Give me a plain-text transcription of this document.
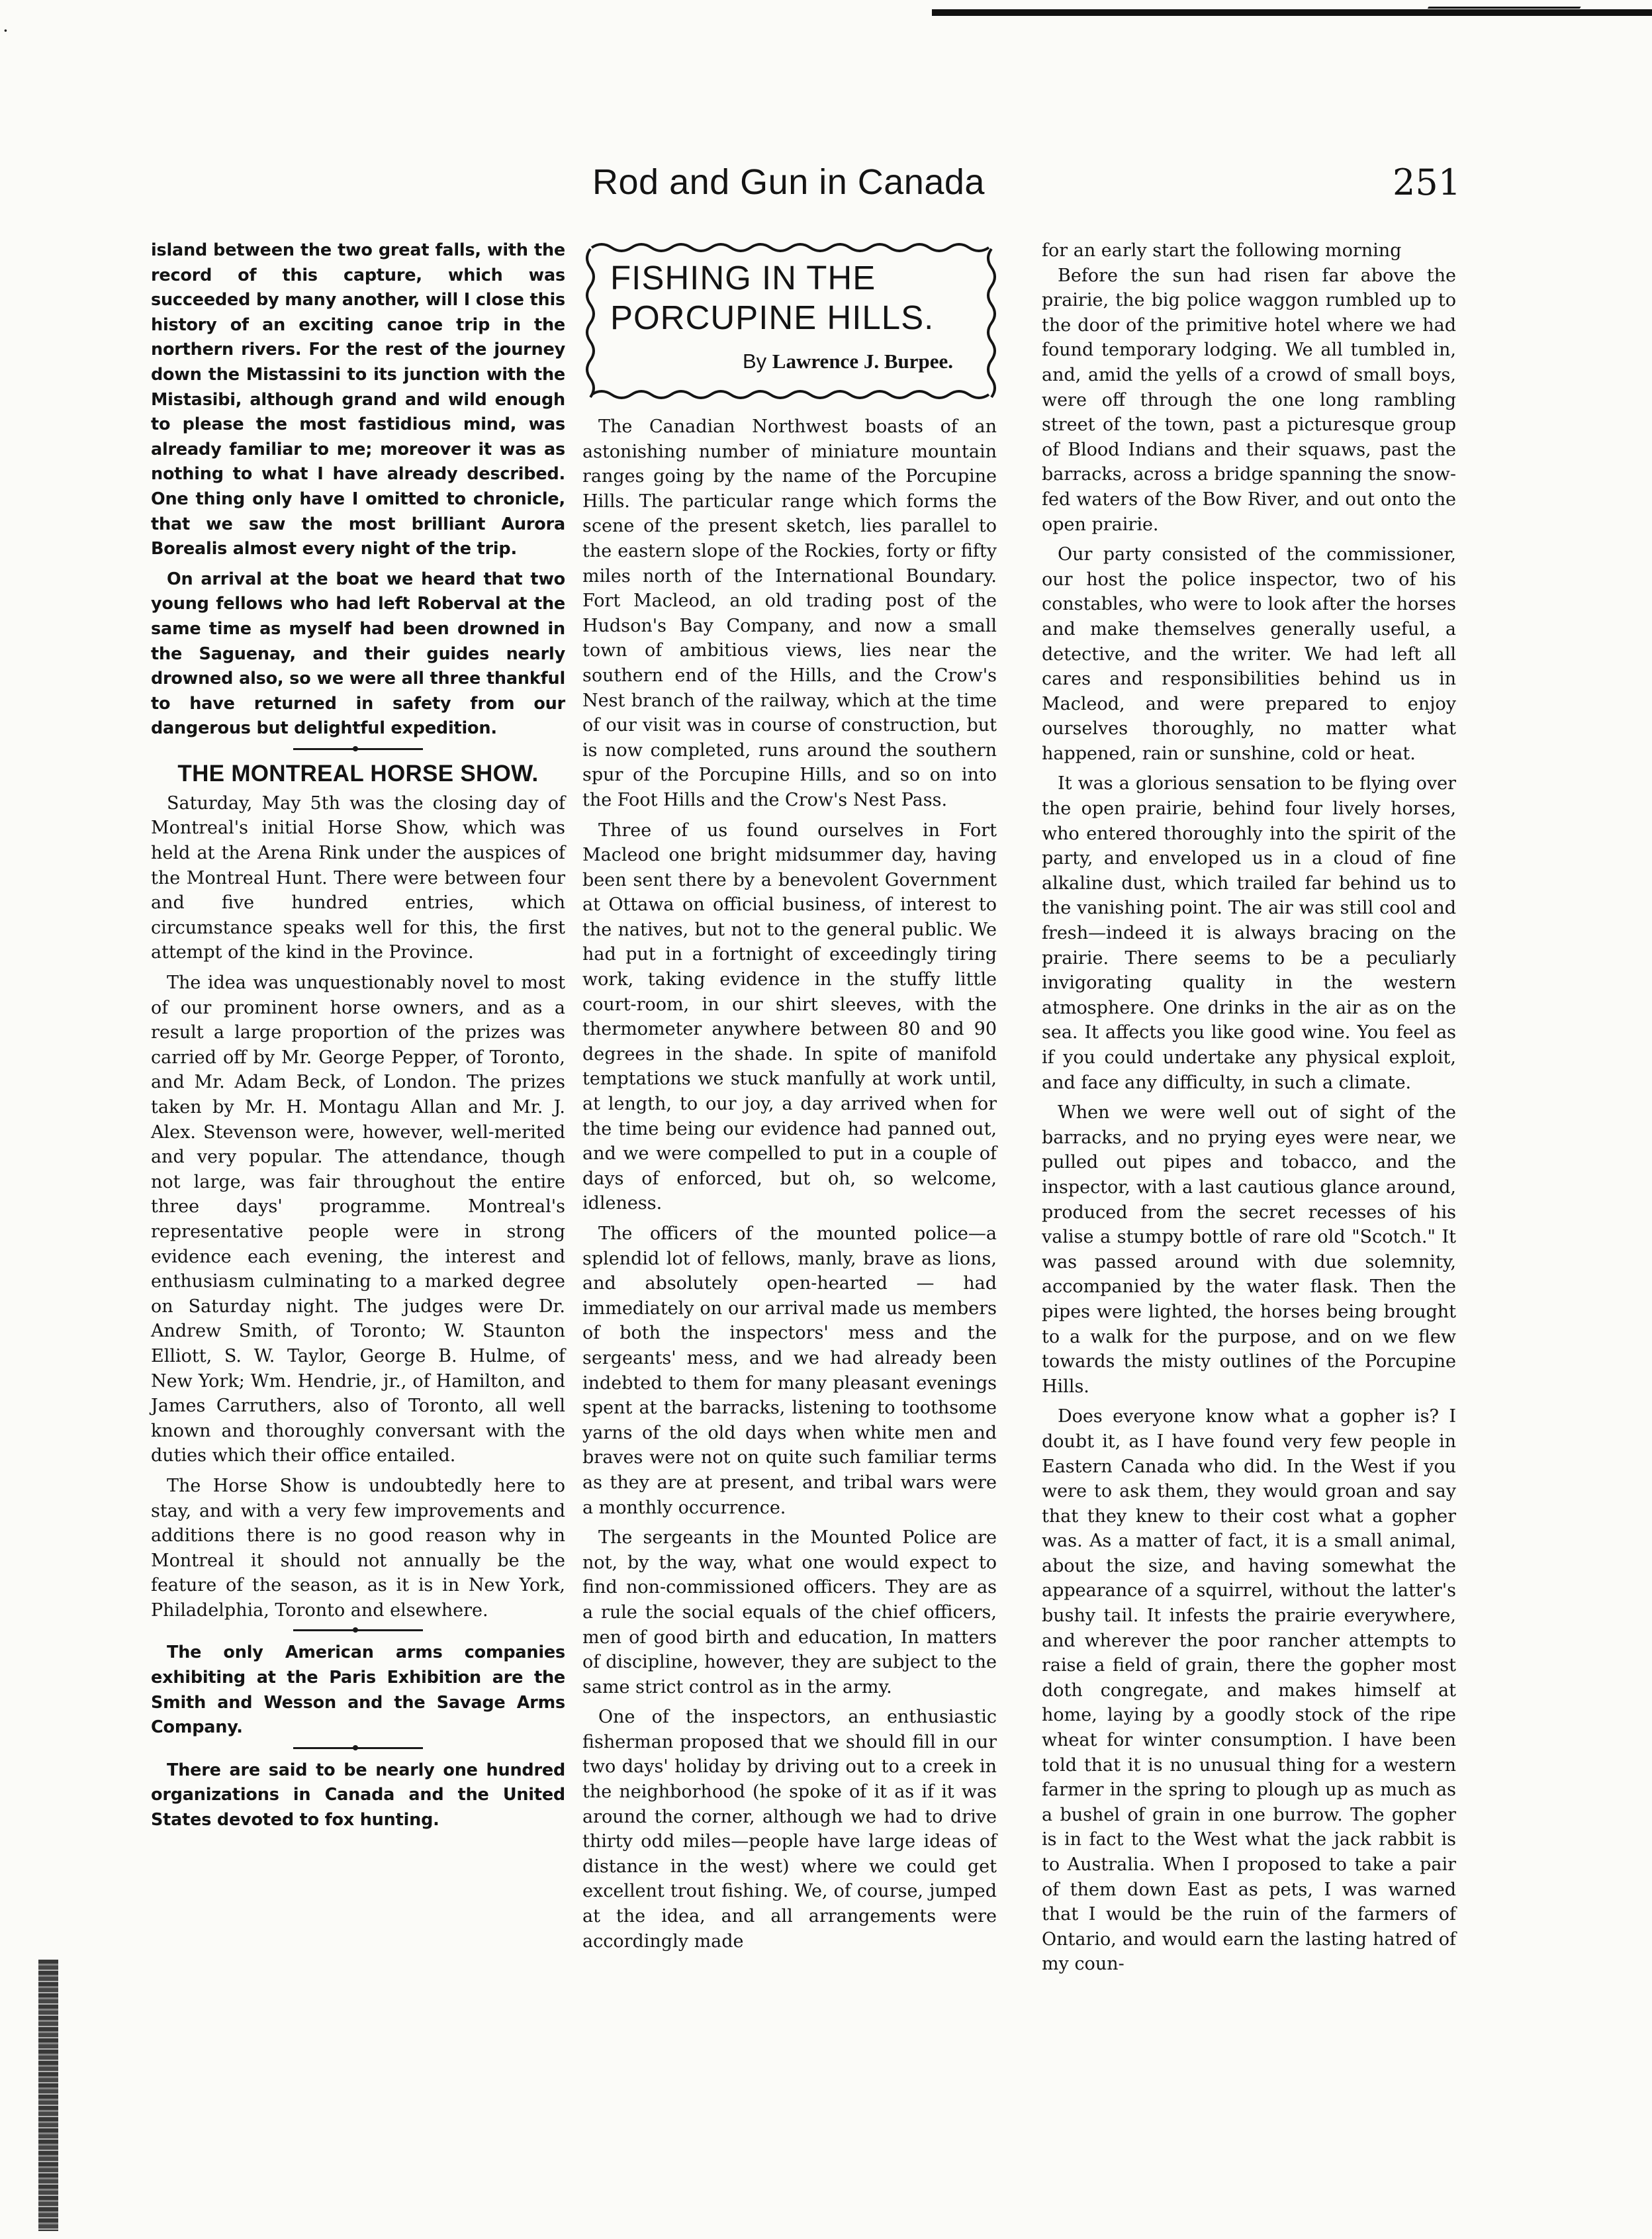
·
Rod and Gun in Canada	251

island between the two great falls, with the record of this capture, which was succeeded by many another, will I close this history of an exciting canoe trip in the northern rivers. For the rest of the journey down the Mistassini to its junction with the Mistasibi, although grand and wild enough to please the most fastidious mind, was already familiar to me; moreover it was as nothing to what I have already described. One thing only have I omitted to chronicle, that we saw the most brilliant Aurora Borealis almost every night of the trip.

On arrival at the boat we heard that two young fellows who had left Roberval at the same time as myself had been drowned in the Saguenay, and their guides nearly drowned also, so we were all three thankful to have returned in safety from our dangerous but delightful expedition.

THE MONTREAL HORSE SHOW.

Saturday, May 5th was the closing day of Montreal's initial Horse Show, which was held at the Arena Rink under the auspices of the Montreal Hunt. There were between four and five hundred entries, which circumstance speaks well for this, the first attempt of the kind in the Province.

The idea was unquestionably novel to most of our prominent horse owners, and as a result a large proportion of the prizes was carried off by Mr. George Pepper, of Toronto, and Mr. Adam Beck, of London. The prizes taken by Mr. H. Montagu Allan and Mr. J. Alex. Stevenson were, however, well-merited and very popular. The attendance, though not large, was fair throughout the entire three days' programme. Montreal's representative people were in strong evidence each evening, the interest and enthusiasm culminating to a marked degree on Saturday night. The judges were Dr. Andrew Smith, of Toronto; W. Staunton Elliott, S. W. Taylor, George B. Hulme, of New York; Wm. Hendrie, jr., of Hamilton, and James Carruthers, also of Toronto, all well known and thoroughly conversant with the duties which their office entailed.

The Horse Show is undoubtedly here to stay, and with a very few improvements and additions there is no good reason why in Montreal it should not annually be the feature of the season, as it is in New York, Philadelphia, Toronto and elsewhere.

The only American arms companies exhibiting at the Paris Exhibition are the Smith and Wesson and the Savage Arms Company.

There are said to be nearly one hundred organizations in Canada and the United States devoted to fox hunting.

FISHING IN THE
PORCUPINE HILLS.
By Lawrence J. Burpee.

The Canadian Northwest boasts of an astonishing number of miniature mountain ranges going by the name of the Porcupine Hills. The particular range which forms the scene of the present sketch, lies parallel to the eastern slope of the Rockies, forty or fifty miles north of the International Boundary. Fort Macleod, an old trading post of the Hudson's Bay Company, and now a small town of ambitious views, lies near the southern end of the Hills, and the Crow's Nest branch of the railway, which at the time of our visit was in course of construction, but is now completed, runs around the southern spur of the Porcupine Hills, and so on into the Foot Hills and the Crow's Nest Pass.

Three of us found ourselves in Fort Macleod one bright midsummer day, having been sent there by a benevolent Government at Ottawa on official business, of interest to the natives, but not to the general public. We had put in a fortnight of exceedingly tiring work, taking evidence in the stuffy little court-room, in our shirt sleeves, with the thermometer anywhere between 80 and 90 degrees in the shade. In spite of manifold temptations we stuck manfully at work until, at length, to our joy, a day arrived when for the time being our evidence had panned out, and we were compelled to put in a couple of days of enforced, but oh, so welcome, idleness.

The officers of the mounted police—a splendid lot of fellows, manly, brave as lions, and absolutely open-hearted — had immediately on our arrival made us members of both the inspectors' mess and the sergeants' mess, and we had already been indebted to them for many pleasant evenings spent at the barracks, listening to toothsome yarns of the old days when white men and braves were not on quite such familiar terms as they are at present, and tribal wars were a monthly occurrence.

The sergeants in the Mounted Police are not, by the way, what one would expect to find non-commissioned officers. They are as a rule the social equals of the chief officers, men of good birth and education, In matters of discipline, however, they are subject to the same strict control as in the army.

One of the inspectors, an enthusiastic fisherman proposed that we should fill in our two days' holiday by driving out to a creek in the neighborhood (he spoke of it as if it was around the corner, although we had to drive thirty odd miles—people have large ideas of distance in the west) where we could get excellent trout fishing. We, of course, jumped at the idea, and all arrangements were accordingly made

for an early start the following morning

Before the sun had risen far above the prairie, the big police waggon rumbled up to the door of the primitive hotel where we had found temporary lodging. We all tumbled in, and, amid the yells of a crowd of small boys, were off through the one long rambling street of the town, past a picturesque group of Blood Indians and their squaws, past the barracks, across a bridge spanning the snow-fed waters of the Bow River, and out onto the open prairie.

Our party consisted of the commissioner, our host the police inspector, two of his constables, who were to look after the horses and make themselves generally useful, a detective, and the writer. We had left all cares and responsibilities behind us in Macleod, and were prepared to enjoy ourselves thoroughly, no matter what happened, rain or sunshine, cold or heat.

It was a glorious sensation to be flying over the open prairie, behind four lively horses, who entered thoroughly into the spirit of the party, and enveloped us in a cloud of fine alkaline dust, which trailed far behind us to the vanishing point. The air was still cool and fresh—indeed it is always bracing on the prairie. There seems to be a peculiarly invigorating quality in the western atmosphere. One drinks in the air as on the sea. It affects you like good wine. You feel as if you could undertake any physical exploit, and face any difficulty, in such a climate.

When we were well out of sight of the barracks, and no prying eyes were near, we pulled out pipes and tobacco, and the inspector, with a last cautious glance around, produced from the secret recesses of his valise a stumpy bottle of rare old "Scotch." It was passed around with due solemnity, accompanied by the water flask. Then the pipes were lighted, the horses being brought to a walk for the purpose, and on we flew towards the misty outlines of the Porcupine Hills.

Does everyone know what a gopher is? I doubt it, as I have found very few people in Eastern Canada who did. In the West if you were to ask them, they would groan and say that they knew to their cost what a gopher was. As a matter of fact, it is a small animal, about the size, and having somewhat the appearance of a squirrel, without the latter's bushy tail. It infests the prairie everywhere, and wherever the poor rancher attempts to raise a field of grain, there the gopher most doth congregate, and makes himself at home, laying by a goodly stock of the ripe wheat for winter consumption. I have been told that it is no unusual thing for a western farmer in the spring to plough up as much as a bushel of grain in one burrow. The gopher is in fact to the West what the jack rabbit is to Australia. When I proposed to take a pair of them down East as pets, I was warned that I would be the ruin of the farmers of Ontario, and would earn the lasting hatred of my coun-
